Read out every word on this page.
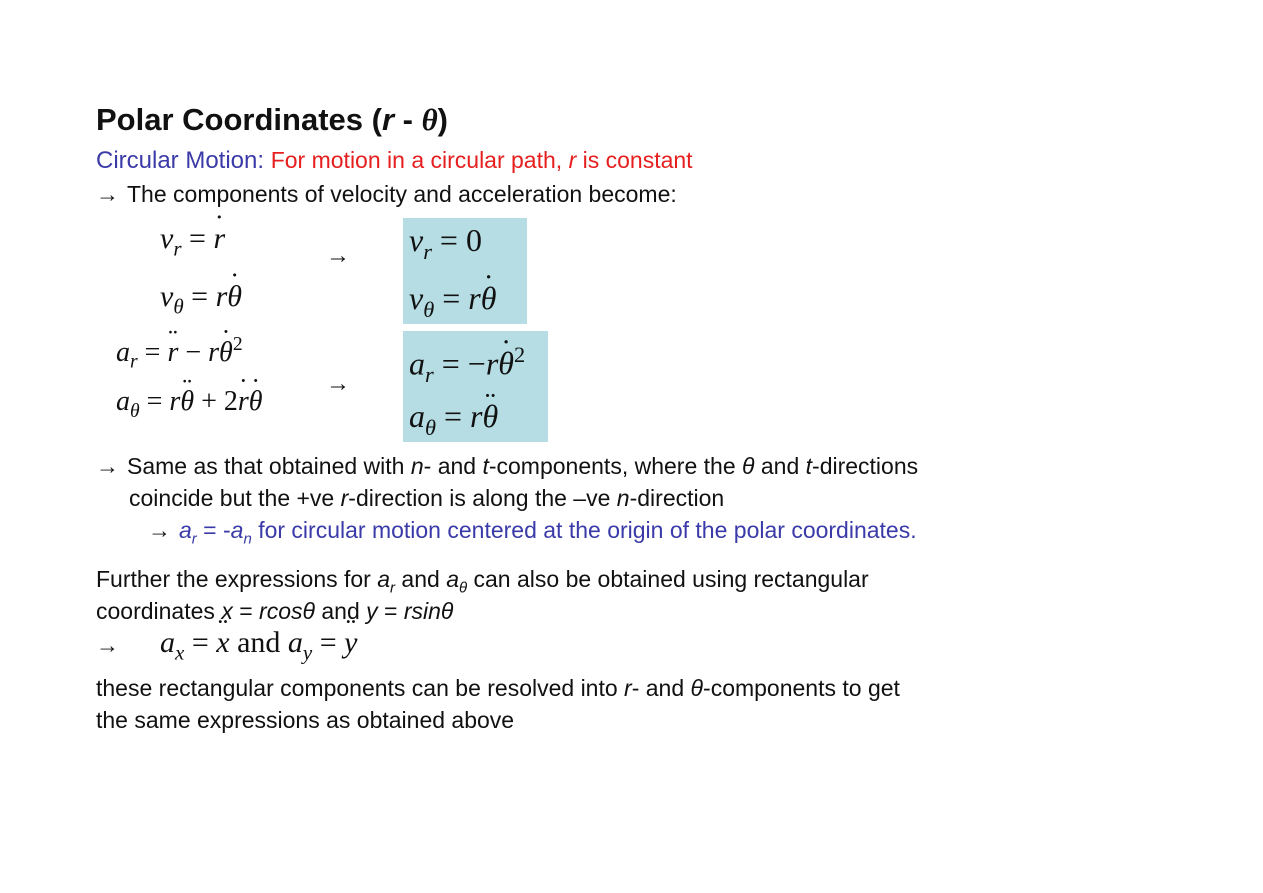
Polar Coordinates (r - θ)
Circular Motion: For motion in a circular path, r is constant
→ The components of velocity and acceleration become:
$v_r = r$ ˙
$v_\theta = r\theta$ ˙
$a_r = r$ ¨ − rθ ˙$^2$
$a_\theta = r\theta$ ¨ + 2r ˙θ ˙
→
→
$v_r = 0$
$v_\theta = r\theta$ ˙
$a_r = -r\theta$ ˙$^2$
$a_\theta = r\theta$ ¨
→ Same as that obtained with n- and t-components, where the θ and t-directions
coincide but the +ve r-direction is along the –ve n-direction
→ $a_r = -a_n$ for circular motion centered at the origin of the polar coordinates.
Further the expressions for $a_r$ and $a_\theta$ can also be obtained using rectangular
coordinates x = rcosθ and y = rsinθ
→ $a_x = x$ ¨ and $a_y = y$ ¨
these rectangular components can be resolved into r- and θ-components to get
the same expressions as obtained above
